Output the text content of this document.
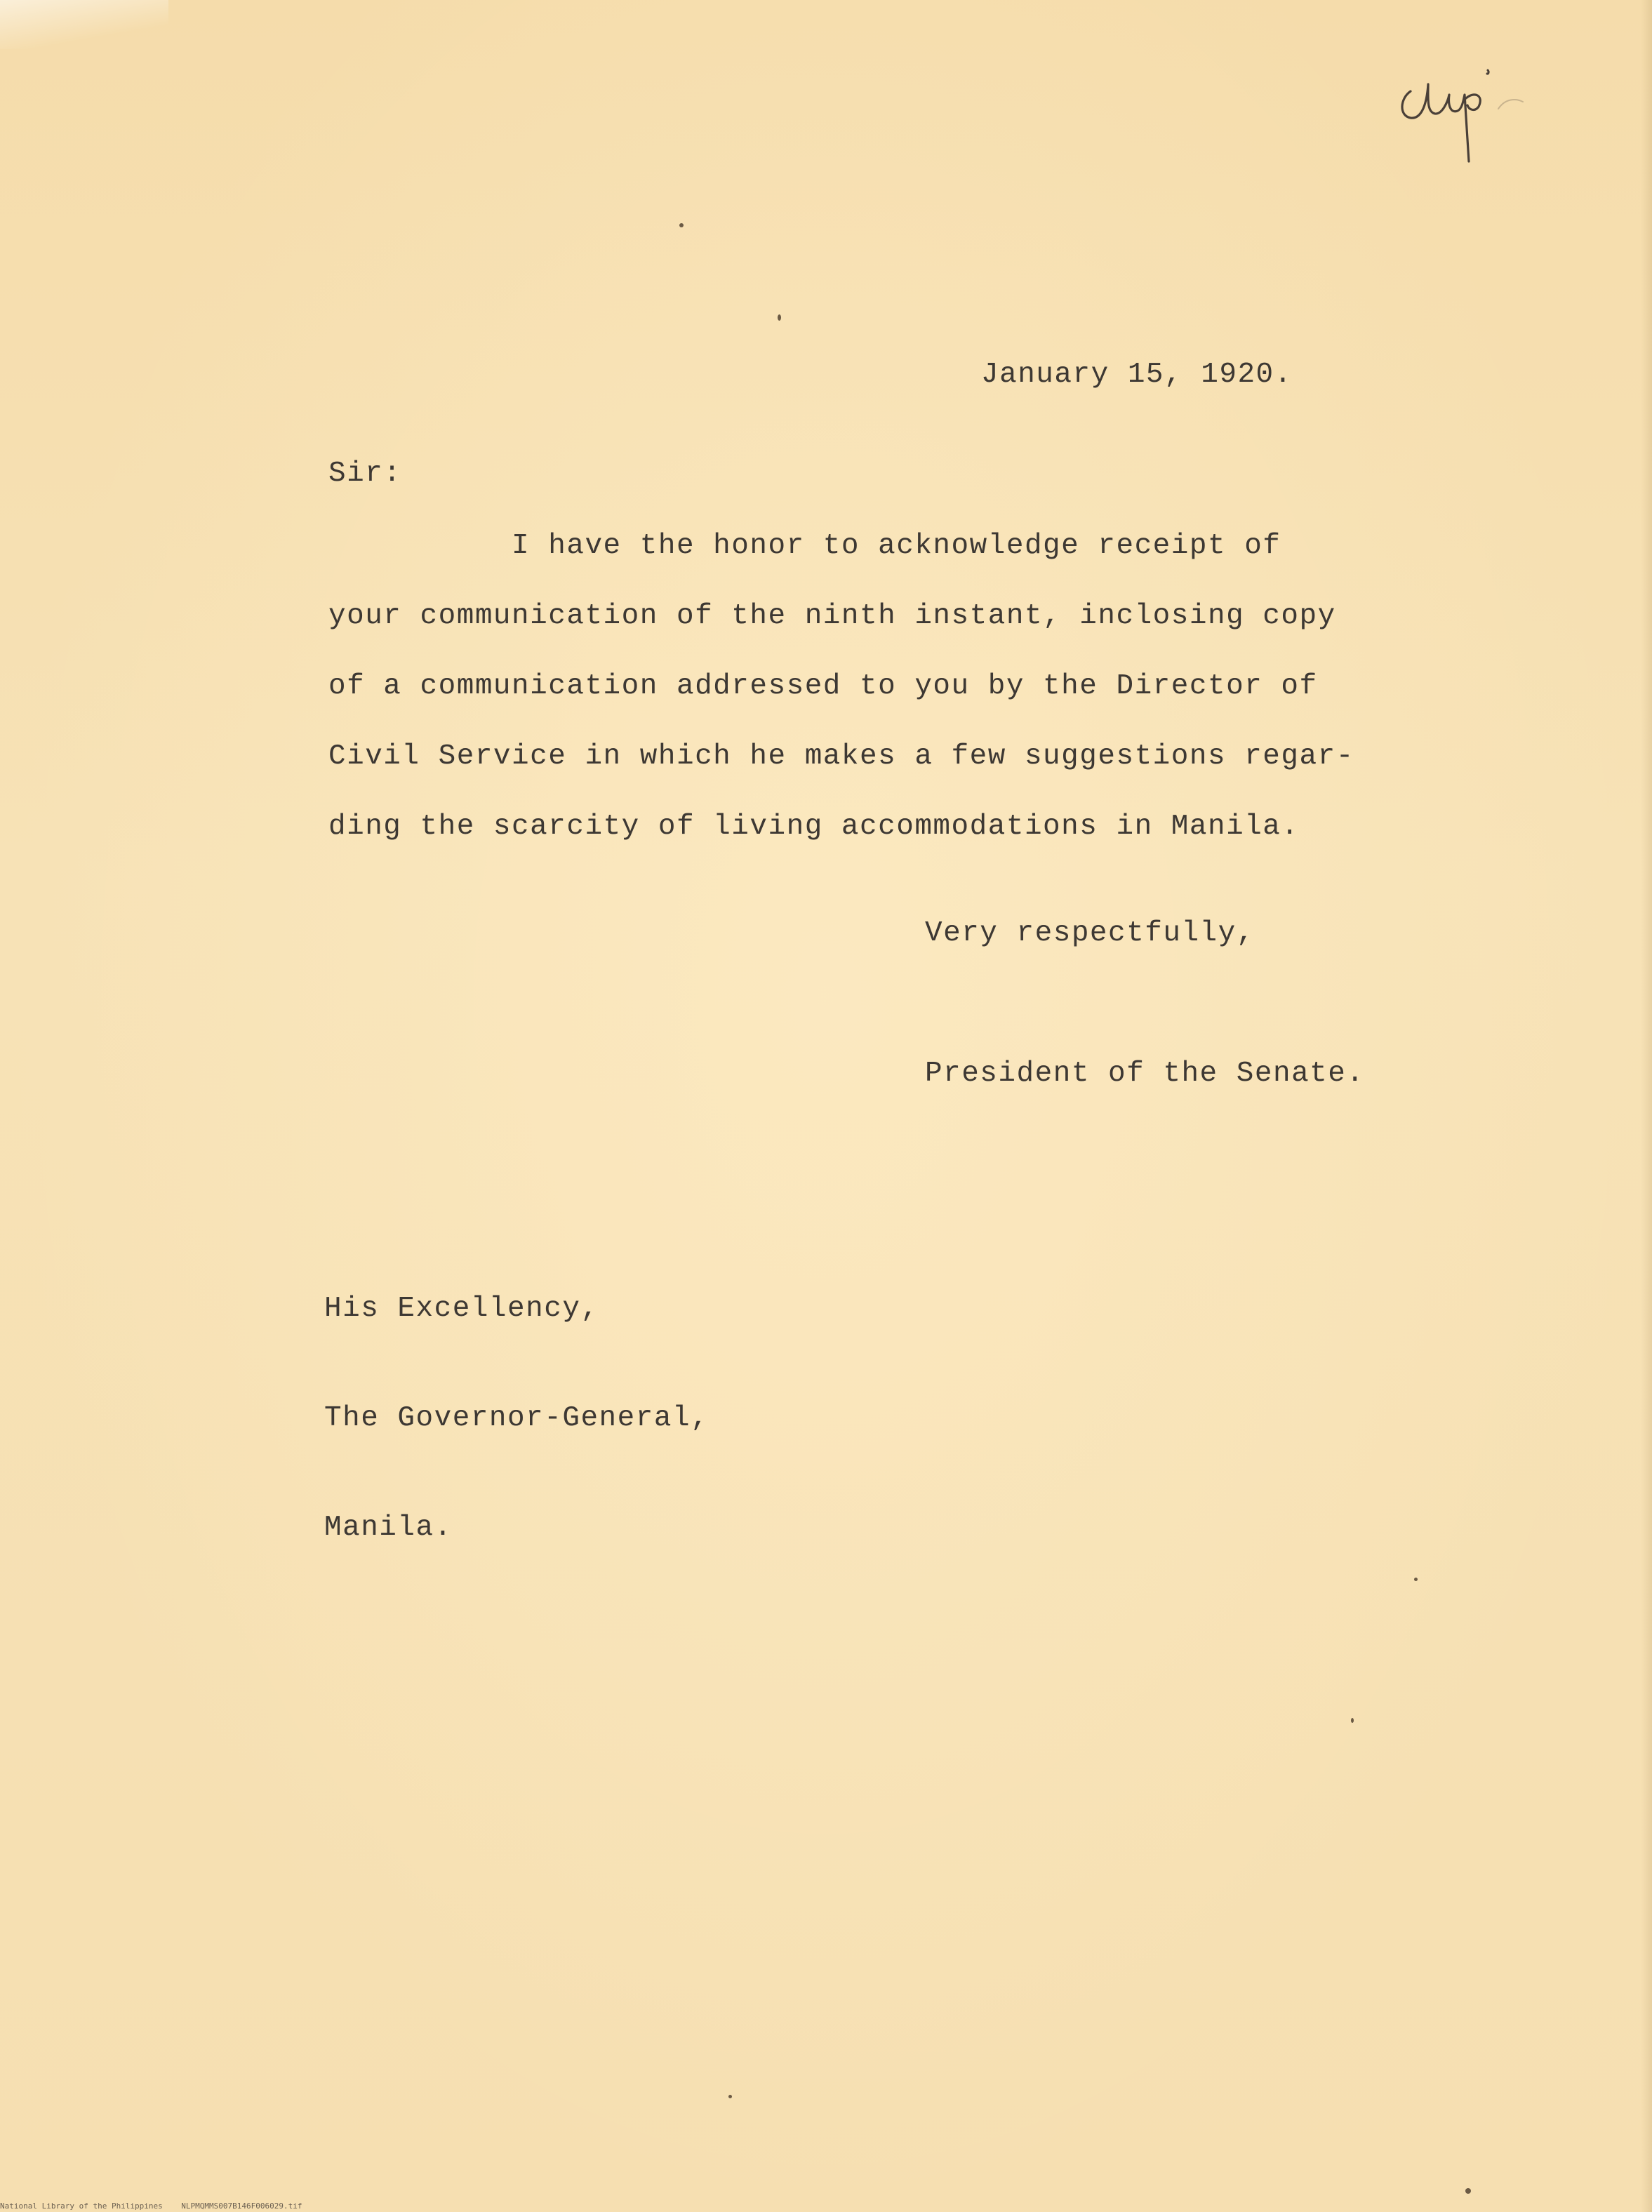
January 15, 1920.
Sir:
I have the honor to acknowledge receipt of
your communication of the ninth instant, inclosing copy
of a communication addressed to you by the Director of
Civil Service in which he makes a few suggestions regar-
ding the scarcity of living accommodations in Manila.
Very respectfully,
President of the Senate.

His Excellency,

The Governor-General,

Manila.

National Library of the Philippines NLPMQMMS007B146F006029.tif
